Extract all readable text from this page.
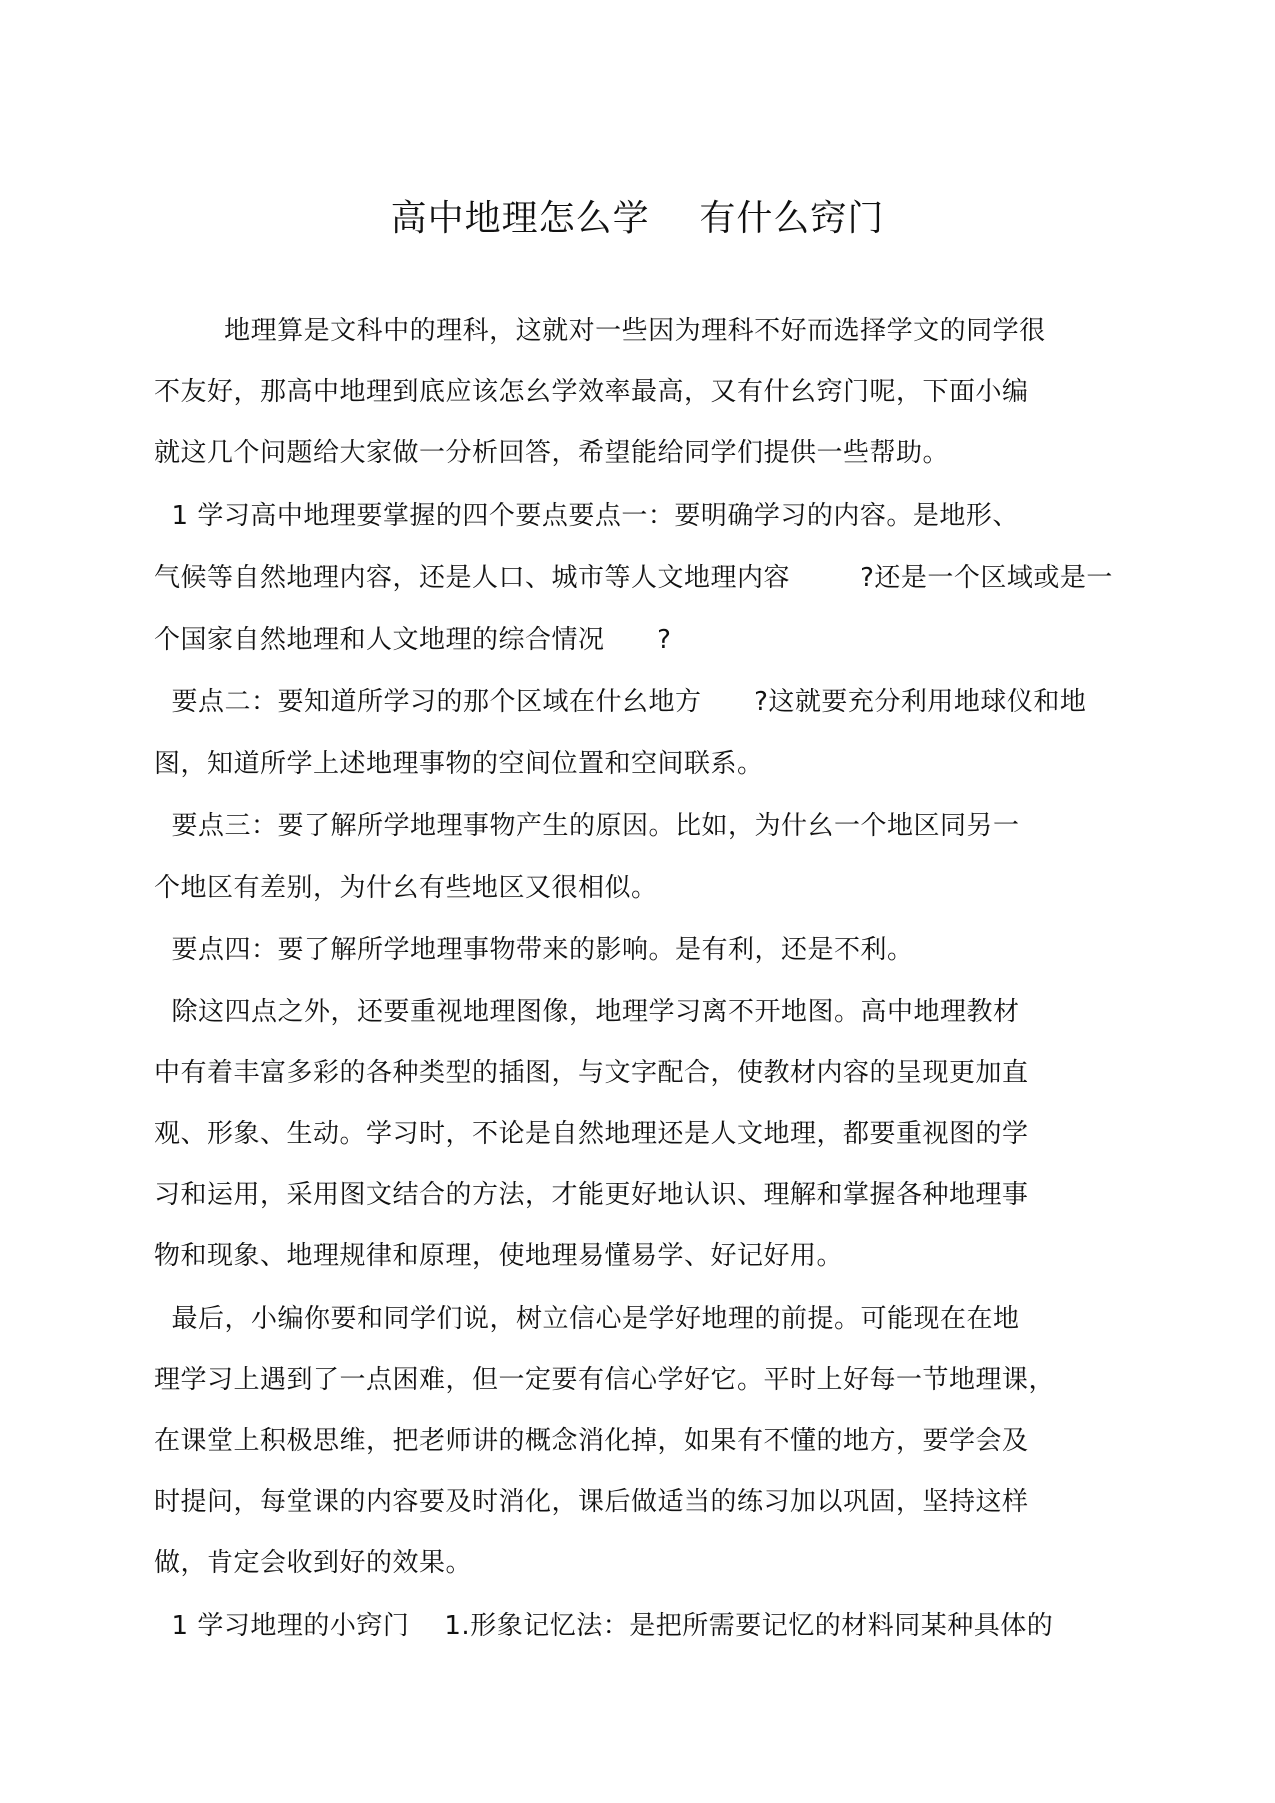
高中地理怎么学    有什么窍门
地理算是文科中的理科，这就对一些因为理科不好而选择学文的同学很
不友好，那高中地理到底应该怎幺学效率最高，又有什幺窍门呢，下面小编
就这几个问题给大家做一分析回答，希望能给同学们提供一些帮助。
1 学习高中地理要掌握的四个要点要点一：要明确学习的内容。是地形、
气候等自然地理内容，还是人口、城市等人文地理内容        ?还是一个区域或是一
个国家自然地理和人文地理的综合情况      ?
要点二：要知道所学习的那个区域在什幺地方      ?这就要充分利用地球仪和地
图，知道所学上述地理事物的空间位置和空间联系。
要点三：要了解所学地理事物产生的原因。比如，为什幺一个地区同另一
个地区有差别，为什幺有些地区又很相似。
要点四：要了解所学地理事物带来的影响。是有利，还是不利。
除这四点之外，还要重视地理图像，地理学习离不开地图。高中地理教材
中有着丰富多彩的各种类型的插图，与文字配合，使教材内容的呈现更加直
观、形象、生动。学习时，不论是自然地理还是人文地理，都要重视图的学
习和运用，采用图文结合的方法，才能更好地认识、理解和掌握各种地理事
物和现象、地理规律和原理，使地理易懂易学、好记好用。
最后，小编你要和同学们说，树立信心是学好地理的前提。可能现在在地
理学习上遇到了一点困难，但一定要有信心学好它。平时上好每一节地理课，
在课堂上积极思维，把老师讲的概念消化掉，如果有不懂的地方，要学会及
时提问，每堂课的内容要及时消化，课后做适当的练习加以巩固，坚持这样
做，肯定会收到好的效果。
1 学习地理的小窍门    1.形象记忆法：是把所需要记忆的材料同某种具体的
